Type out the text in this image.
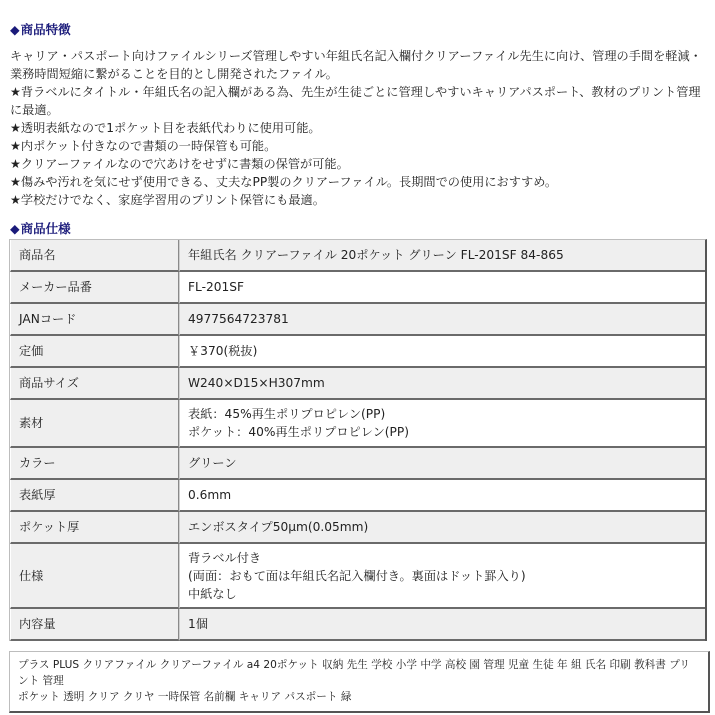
◆商品特徴

キャリア・パスポート向けファイルシリーズ管理しやすい年組氏名記入欄付クリアーファイル先生に向け、管理の手間を軽減・業務時間短縮に繋がることを目的とし開発されたファイル。

★背ラベルにタイトル・年組氏名の記入欄がある為、先生が生徒ごとに管理しやすいキャリアパスポート、教材のプリント管理に最適。

★透明表紙なので1ポケット目を表紙代わりに使用可能。

★内ポケット付きなので書類の一時保管も可能。

★クリアーファイルなので穴あけをせずに書類の保管が可能。

★傷みや汚れを気にせず使用できる、丈夫なPP製のクリアーファイル。長期間での使用におすすめ。

★学校だけでなく、家庭学習用のプリント保管にも最適。

◆商品仕様
商品名	年組氏名 クリアーファイル 20ポケット グリーン FL-201SF 84-865
メーカー品番	FL-201SF
JANコード	4977564723781
定価	￥370(税抜)
商品サイズ	W240×D15×H307mm
素材	表紙：45%再生ポリプロピレン(PP)
ポケット：40%再生ポリプロピレン(PP)

カラー	グリーン
表紙厚	0.6mm
ポケット厚	エンボスタイプ50μm(0.05mm)
仕様	背ラベル付き
(両面：おもて面は年組氏名記入欄付き。裏面はドット罫入り)
中紙なし

内容量	1個
プラス PLUS クリアファイル クリアーファイル a4 20ポケット 収納 先生 学校 小学 中学 高校 園 管理 児童 生徒 年 組 氏名 印刷 教科書 プリント 管理
ポケット 透明 クリア クリヤ 一時保管 名前欄 キャリア パスポート 緑
